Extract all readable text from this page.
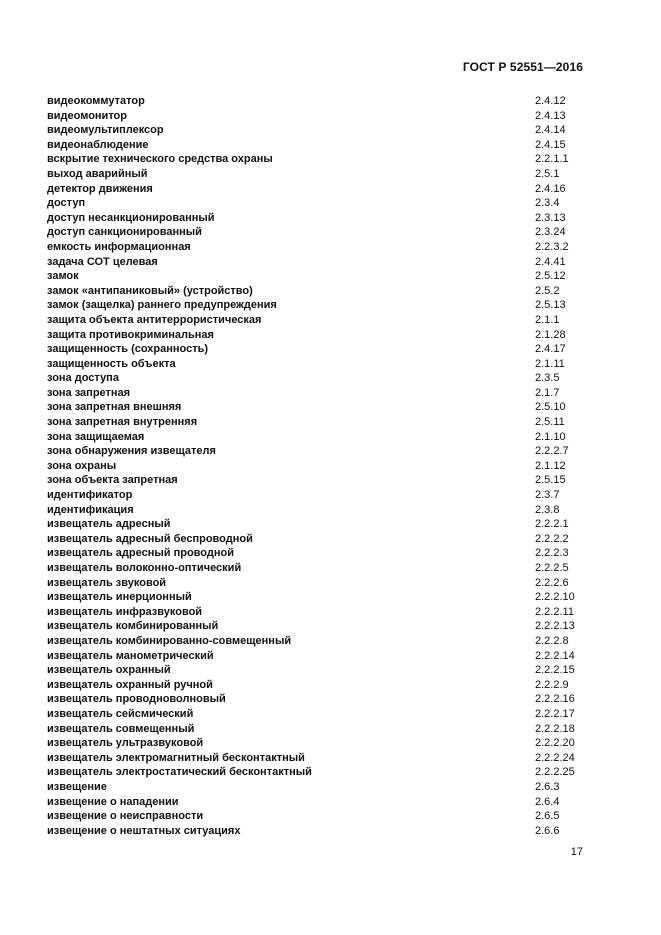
ГОСТ Р 52551—2016
видеокоммутатор	2.4.12
видеомонитор	2.4.13
видеомультиплексор	2.4.14
видеонаблюдение	2.4.15
вскрытие технического средства охраны	2.2.1.1
выход аварийный	2.5.1
детектор движения	2.4.16
доступ	2.3.4
доступ несанкционированный	2.3.13
доступ санкционированный	2.3.24
емкость информационная	2.2.3.2
задача СОТ целевая	2.4.41
замок	2.5.12
замок «антипаниковый» (устройство)	2.5.2
замок (защелка) раннего предупреждения	2.5.13
защита объекта антитеррористическая	2.1.1
защита противокриминальная	2.1.28
защищенность (сохранность)	2.4.17
защищенность объекта	2.1.11
зона доступа	2.3.5
зона запретная	2.1.7
зона запретная внешняя	2.5.10
зона запретная внутренняя	2.5.11
зона защищаемая	2.1.10
зона обнаружения извещателя	2.2.2.7
зона охраны	2.1.12
зона объекта запретная	2.5.15
идентификатор	2.3.7
идентификация	2.3.8
извещатель адресный	2.2.2.1
извещатель адресный беспроводной	2.2.2.2
извещатель адресный проводной	2.2.2.3
извещатель волоконно-оптический	2.2.2.5
извещатель звуковой	2.2.2.6
извещатель инерционный	2.2.2.10
извещатель инфразвуковой	2.2.2.11
извещатель комбинированный	2.2.2.13
извещатель комбинированно-совмещенный	2.2.2.8
извещатель манометрический	2.2.2.14
извещатель охранный	2.2.2.15
извещатель охранный ручной	2.2.2.9
извещатель проводноволновый	2.2.2.16
извещатель сейсмический	2.2.2.17
извещатель совмещенный	2.2.2.18
извещатель ультразвуковой	2.2.2.20
извещатель электромагнитный бесконтактный	2.2.2.24
извещатель электростатический бесконтактный	2.2.2.25
извещение	2.6.3
извещение о нападении	2.6.4
извещение о неисправности	2.6.5
извещение о нештатных ситуациях	2.6.6
17
